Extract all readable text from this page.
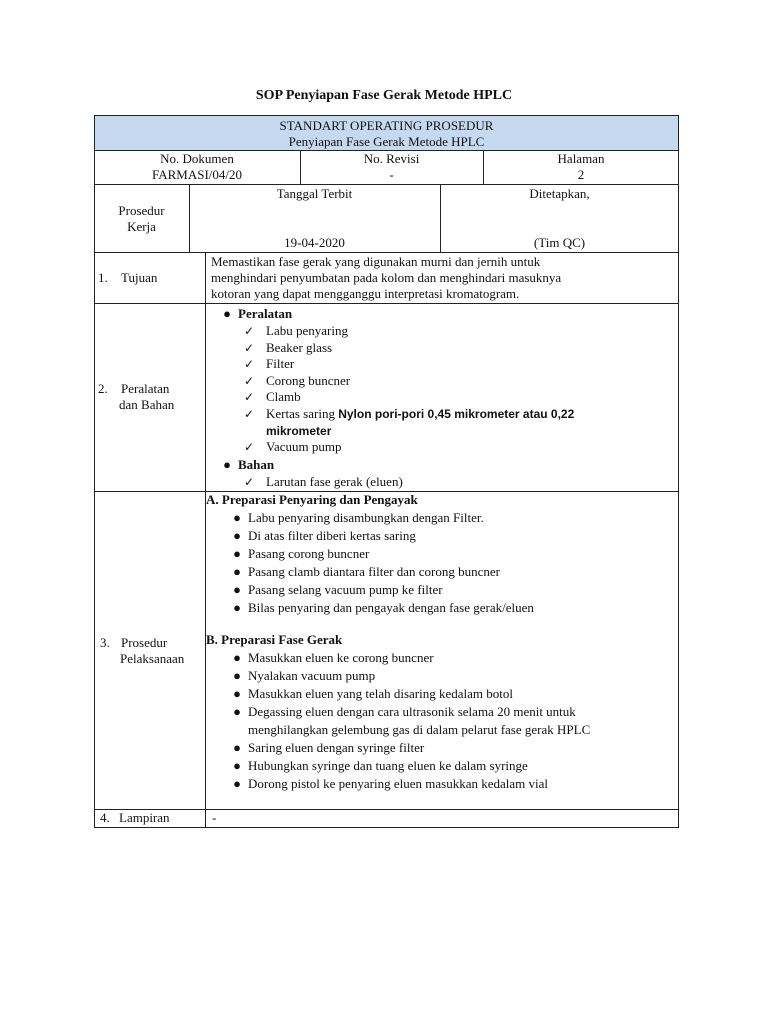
SOP Penyiapan Fase Gerak Metode HPLC
STANDART OPERATING PROSEDUR
Penyiapan Fase Gerak Metode HPLC
No. Dokumen
FARMASI/04/20
No. Revisi
-
Halaman
2
Prosedur
Kerja
Tanggal Terbit
19-04-2020
Ditetapkan,
(Tim QC)
1. Tujuan
Memastikan fase gerak yang digunakan murni dan jernih untuk
menghindari penyumbatan pada kolom dan menghindari masuknya
kotoran yang dapat mengganggu interpretasi kromatogram.
2. Peralatan
dan Bahan
● Peralatan
✓ Labu penyaring
✓ Beaker glass
✓ Filter
✓ Corong buncner
✓ Clamb
✓ Kertas saring Nylon pori-pori 0,45 mikrometer atau 0,22
mikrometer
✓ Vacuum pump
● Bahan
✓ Larutan fase gerak (eluen)
3. Prosedur
Pelaksanaan
A. Preparasi Penyaring dan Pengayak
● Labu penyaring disambungkan dengan Filter.
● Di atas filter diberi kertas saring
● Pasang corong buncner
● Pasang clamb diantara filter dan corong buncner
● Pasang selang vacuum pump ke filter
● Bilas penyaring dan pengayak dengan fase gerak/eluen
B. Preparasi Fase Gerak
● Masukkan eluen ke corong buncner
● Nyalakan vacuum pump
● Masukkan eluen yang telah disaring kedalam botol
● Degassing eluen dengan cara ultrasonik selama 20 menit untuk
menghilangkan gelembung gas di dalam pelarut fase gerak HPLC
● Saring eluen dengan syringe filter
● Hubungkan syringe dan tuang eluen ke dalam syringe
● Dorong pistol ke penyaring eluen masukkan kedalam vial
4. Lampiran	-
